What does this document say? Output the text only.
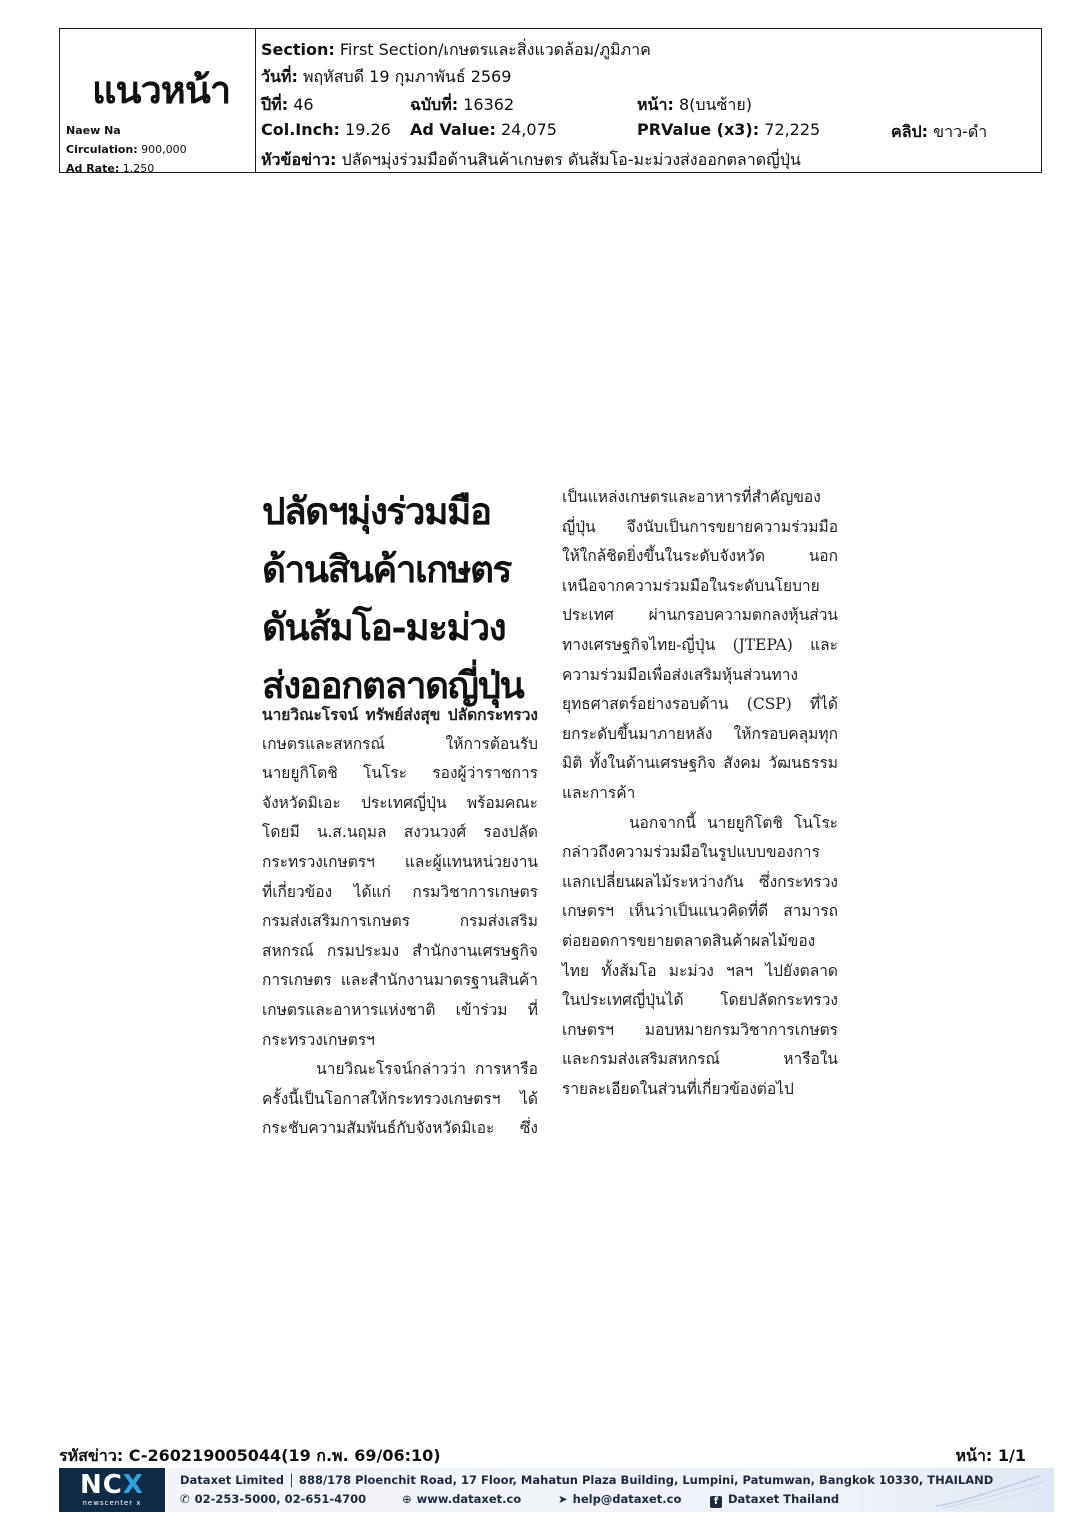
แนวหน้า
Naew Na
Circulation: 900,000
Ad Rate: 1,250
Section: First Section/เกษตรและสิ่งแวดล้อม/ภูมิภาค
วันที่: พฤหัสบดี 19 กุมภาพันธ์ 2569
ปีที่: 46	ฉบับที่: 16362	หน้า: 8(บนซ้าย)
Col.Inch: 19.26 Ad Value: 24,075	PRValue (x3): 72,225	คลิป: ขาว-ดำ
หัวข้อข่าว: ปลัดฯมุ่งร่วมมือด้านสินค้าเกษตร ดันส้มโอ-มะม่วงส่งออกตลาดญี่ปุ่น
ปลัดฯมุ่งร่วมมือ
ด้านสินค้าเกษตร
ดันส้มโอ-มะม่วง
ส่งออกตลาดญี่ปุ่น

นายวิณะโรจน์ ทรัพย์ส่งสุข ปลัดกระทรวง

เกษตรและสหกรณ์ ให้การต้อนรับ

นายยูกิโตชิ โนโระ รองผู้ว่าราชการ

จังหวัดมิเอะ ประเทศญี่ปุ่น พร้อมคณะ

โดยมี น.ส.นฤมล สงวนวงศ์ รองปลัด

กระทรวงเกษตรฯ และผู้แทนหน่วยงาน

ที่เกี่ยวข้อง ได้แก่ กรมวิชาการเกษตร

กรมส่งเสริมการเกษตร กรมส่งเสริม

สหกรณ์ กรมประมง สำนักงานเศรษฐกิจ

การเกษตร และสำนักงานมาตรฐานสินค้า

เกษตรและอาหารแห่งชาติ เข้าร่วม ที่

กระทรวงเกษตรฯ

นายวิณะโรจน์กล่าวว่า การหารือ

ครั้งนี้เป็นโอกาสให้กระทรวงเกษตรฯ ได้

กระชับความสัมพันธ์กับจังหวัดมิเอะ ซึ่ง

เป็นแหล่งเกษตรและอาหารที่สำคัญของ

ญี่ปุ่น จึงนับเป็นการขยายความร่วมมือ

ให้ใกล้ชิดยิ่งขึ้นในระดับจังหวัด นอก

เหนือจากความร่วมมือในระดับนโยบาย

ประเทศ ผ่านกรอบความตกลงหุ้นส่วน

ทางเศรษฐกิจไทย-ญี่ปุ่น (JTEPA) และ

ความร่วมมือเพื่อส่งเสริมหุ้นส่วนทาง

ยุทธศาสตร์อย่างรอบด้าน (CSP) ที่ได้

ยกระดับขึ้นมาภายหลัง ให้กรอบคลุมทุก

มิติ ทั้งในด้านเศรษฐกิจ สังคม วัฒนธรรม

และการค้า

นอกจากนี้ นายยูกิโตชิ โนโระ

กล่าวถึงความร่วมมือในรูปแบบของการ

แลกเปลี่ยนผลไม้ระหว่างกัน ซึ่งกระทรวง

เกษตรฯ เห็นว่าเป็นแนวคิดที่ดี สามารถ

ต่อยอดการขยายตลาดสินค้าผลไม้ของ

ไทย ทั้งส้มโอ มะม่วง ฯลฯ ไปยังตลาด

ในประเทศญี่ปุ่นได้ โดยปลัดกระทรวง

เกษตรฯ มอบหมายกรมวิชาการเกษตร

และกรมส่งเสริมสหกรณ์ หารือใน

รายละเอียดในส่วนที่เกี่ยวข้องต่อไป

รหัสข่าว: C-260219005044(19 ก.พ. 69/06:10)	หน้า: 1/1
NCX
newscenter x
Dataxet Limited │ 888/178 Ploenchit Road, 17 Floor, Mahatun Plaza Building, Lumpini, Patumwan, Bangkok 10330, THAILAND
✆ 02-253-5000, 02-651-4700	⊕ www.dataxet.co	➤ help@dataxet.co	f Dataxet Thailand
